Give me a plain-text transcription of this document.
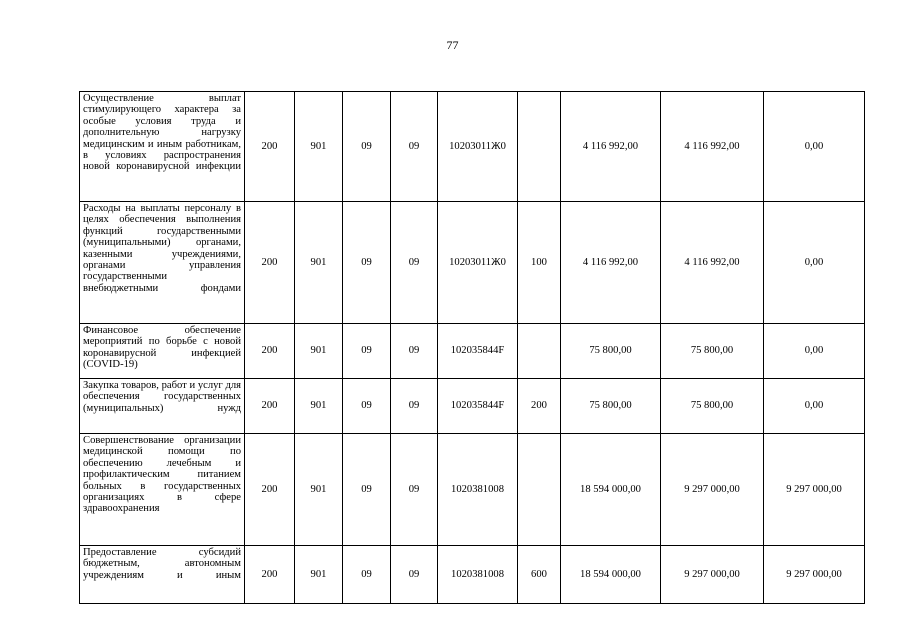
77
Осуществление выплат стимулирующего характера за особые условия труда и дополнительную нагрузку медицинским и иным работникам, в условиях распространения новой коронавирусной инфекции	200	901	09	09	10203011Ж0		4 116 992,00	4 116 992,00	0,00
Расходы на выплаты персоналу в целях обеспечения выполнения функций государственными (муниципальными) органами, казенными учреждениями, органами управления государственными внебюджетными фондами	200	901	09	09	10203011Ж0	100	4 116 992,00	4 116 992,00	0,00
Финансовое обеспечение мероприятий по борьбе с новой коронавирусной инфекцией (COVID-19)	200	901	09	09	102035844F		75 800,00	75 800,00	0,00
Закупка товаров, работ и услуг для обеспечения государственных (муниципальных) нужд	200	901	09	09	102035844F	200	75 800,00	75 800,00	0,00
Совершенствование организации медицинской помощи по обеспечению лечебным и профилактическим питанием больных в государственных организациях в сфере здравоохранения	200	901	09	09	1020381008		18 594 000,00	9 297 000,00	9 297 000,00
Предоставление субсидий бюджетным, автономным учреждениям и иным	200	901	09	09	1020381008	600	18 594 000,00	9 297 000,00	9 297 000,00
